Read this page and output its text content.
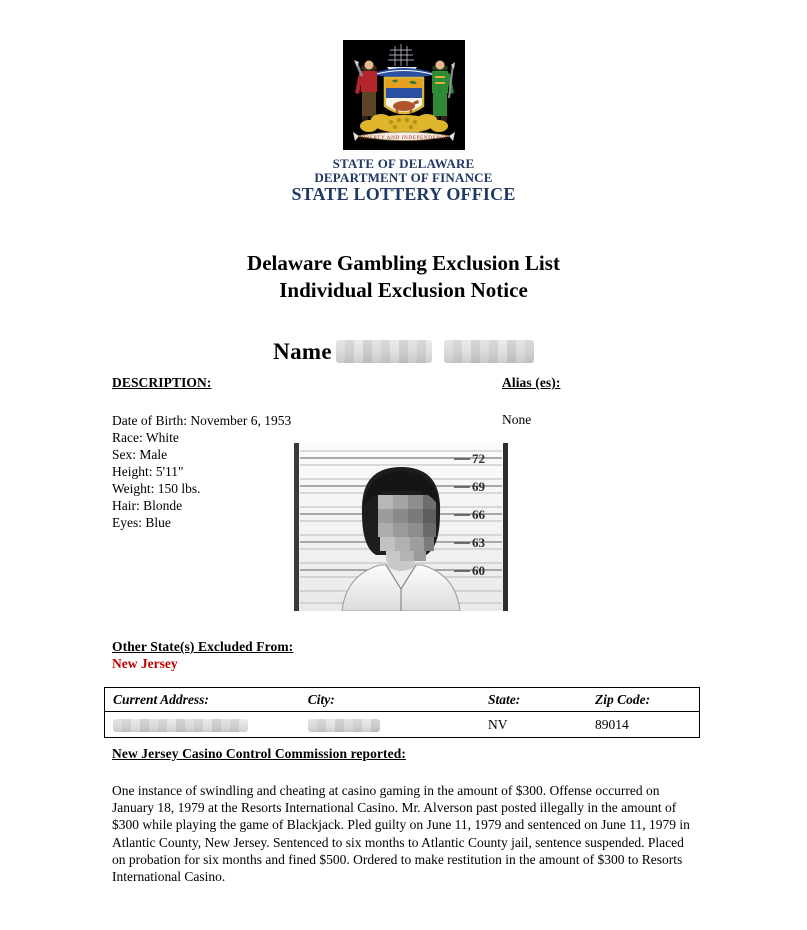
LIBERTY AND INDEPENDENCE
STATE OF DELAWARE
DEPARTMENT OF FINANCE
STATE LOTTERY OFFICE
Delaware Gambling Exclusion List
Individual Exclusion Notice
Name
DESCRIPTION:	Alias (es):
Date of Birth: November 6, 1953
Race: White
Sex: Male
Height: 5'11"
Weight: 150 lbs.
Hair: Blonde
Eyes: Blue
None
72
69
66
63
60
Other State(s) Excluded From:
New Jersey
Current Address:	City:	State:	Zip Code:
		NV	89014
New Jersey Casino Control Commission reported:
One instance of swindling and cheating at casino gaming in the amount of $300. Offense occurred on January 18, 1979 at the Resorts International Casino. Mr. Alverson past posted illegally in the amount of $300 while playing the game of Blackjack. Pled guilty on June 11, 1979 and sentenced on June 11, 1979 in Atlantic County, New Jersey. Sentenced to six months to Atlantic County jail, sentence suspended. Placed on probation for six months and fined $500. Ordered to make restitution in the amount of $300 to Resorts International Casino.
